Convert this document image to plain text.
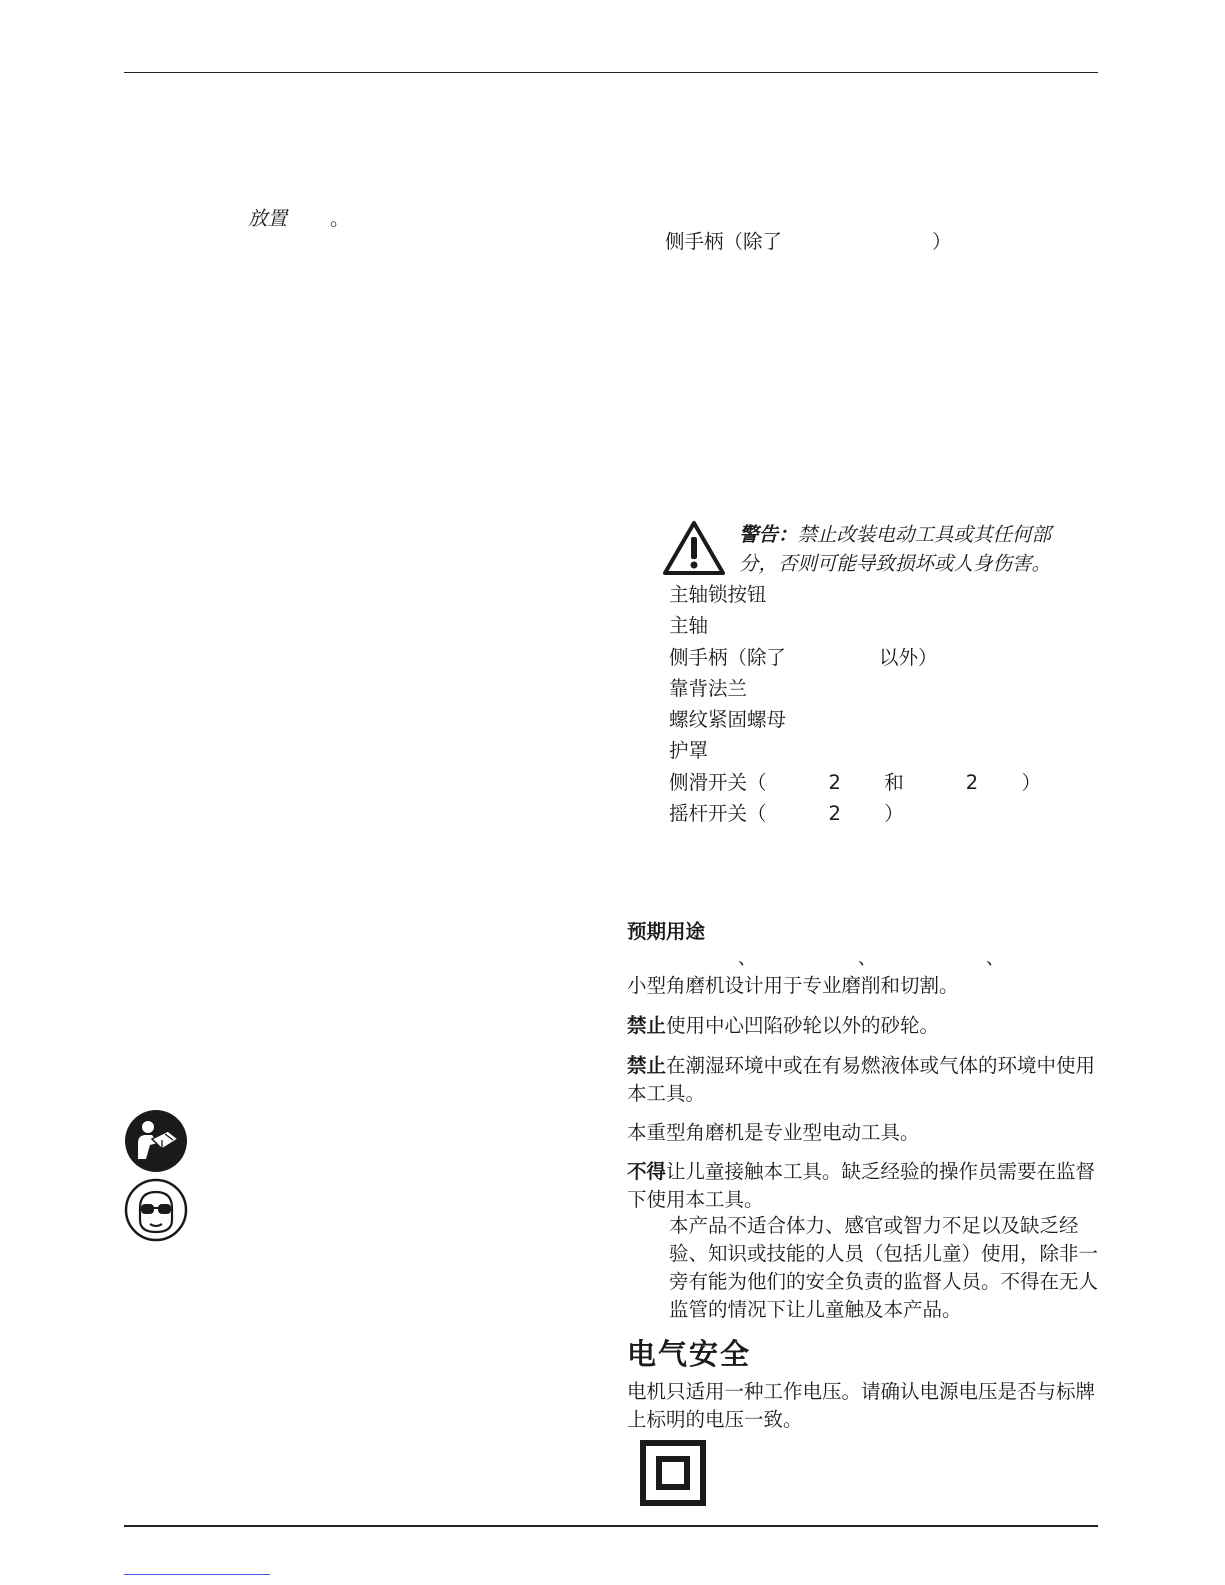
放置 。
侧手柄（除了	）
警告：禁止改装电动工具或其任何部
分，否则可能导致损坏或人身伤害。
主轴锁按钮
主轴
侧手柄（除了               以外）
靠背法兰
螺纹紧固螺母
护罩
侧滑开关（          2       和          2       ）
摇杆开关（          2       ）
预期用途
、	、	、

小型角磨机设计用于专业磨削和切割。

禁止使用中心凹陷砂轮以外的砂轮。

禁止在潮湿环境中或在有易燃液体或气体的环境中使用本工具。

本重型角磨机是专业型电动工具。

不得让儿童接触本工具。缺乏经验的操作员需要在监督下使用本工具。

本产品不适合体力、感官或智力不足以及缺乏经验、知识或技能的人员（包括儿童）使用，除非一旁有能为他们的安全负责的监督人员。不得在无人监管的情况下让儿童触及本产品。

电气安全

电机只适用一种工作电压。请确认电源电压是否与标牌上标明的电压一致。
